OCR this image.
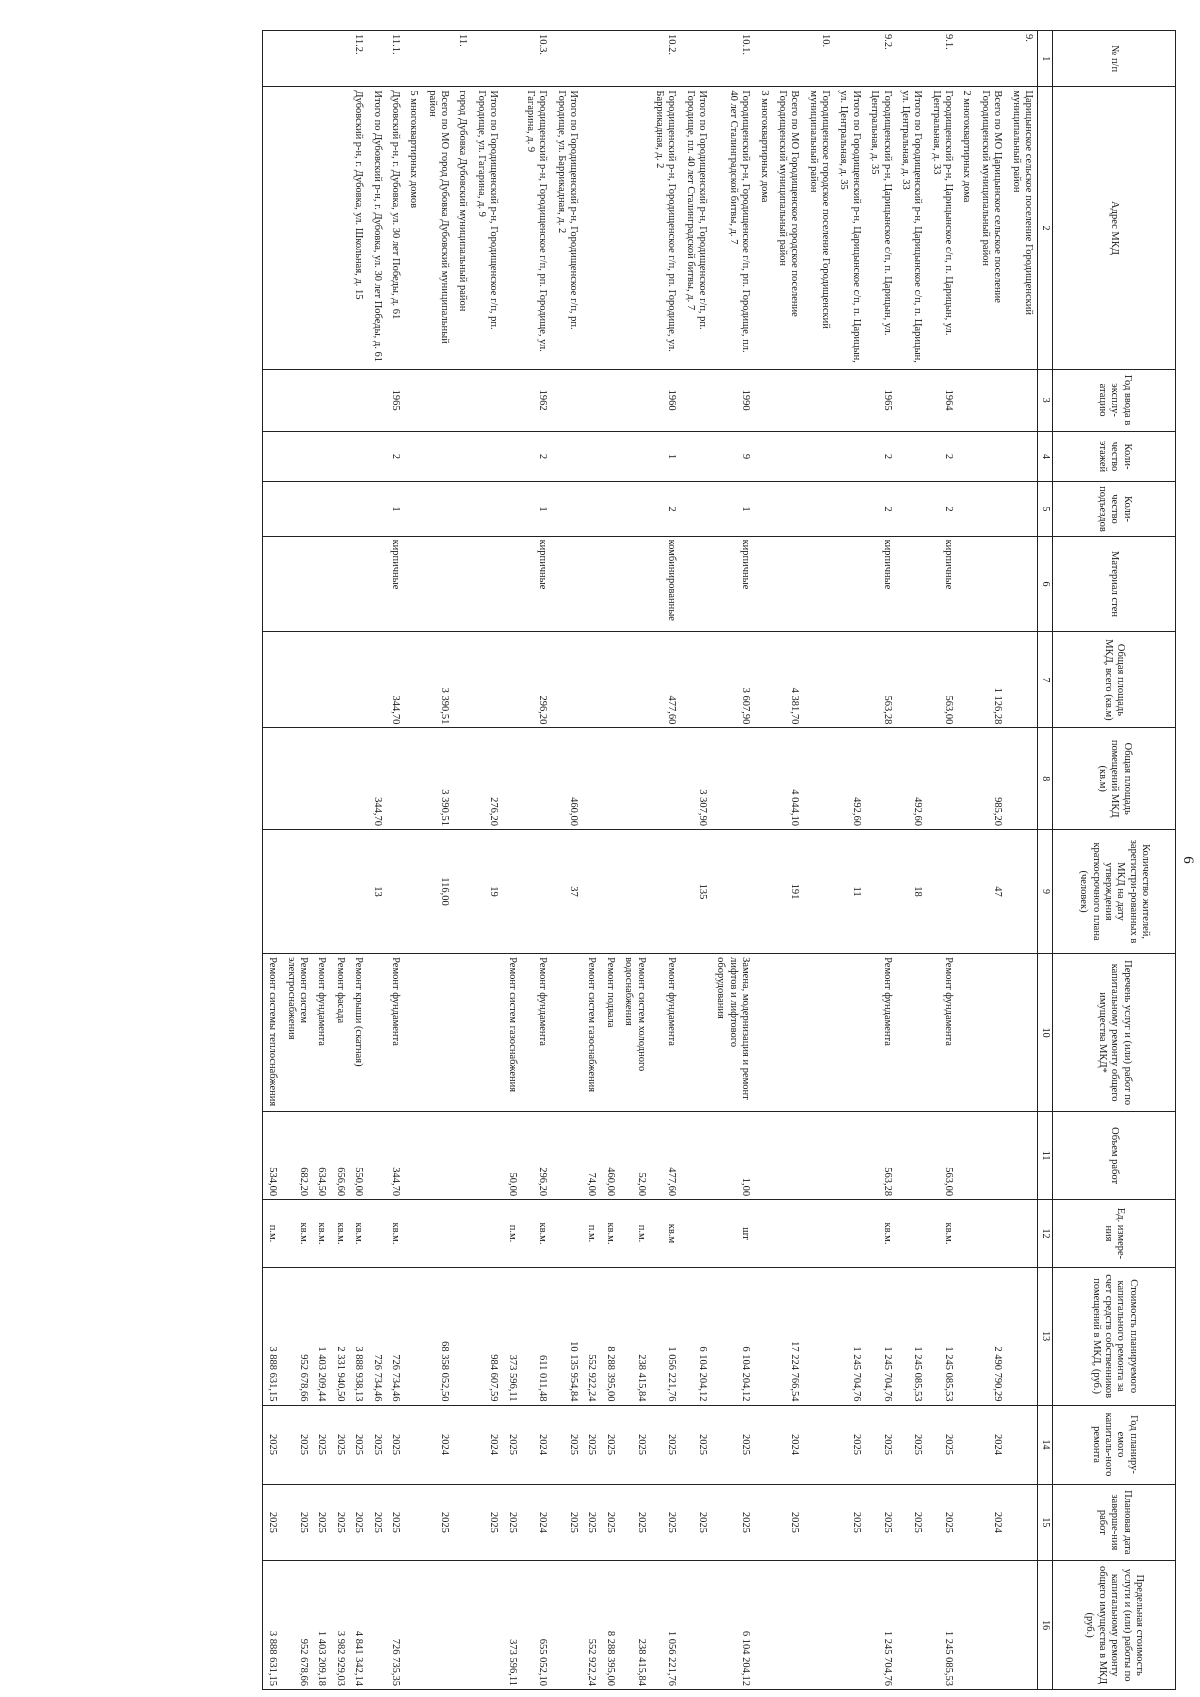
6
№ п/п	Адрес МКД	Год ввода в эксплу-атацию	Коли-чество этажей	Коли-чество подъездов	Материал стен	Общая площадь МКД, всего (кв.м)	Общая площадь помещений МКД (кв.м)	Количество жителей, зарегистри-рованных в МКД на дату утверждения краткосрочного плана (человек)	Перечень услуг и (или) работ по капитальному ремонту общего имущества МКД*	Объем работ	Ед. измере-ния	Стоимость планируемого капитального ремонта за счет средств собственников помещений в МКД, (руб.)	Год планиру-емого капиталь-ного ремонта	Плановая дата заверше-ния работ	Предельная стоимость услуги и (или) работы по капитальному ремонту общего имущества в МКД (руб.)
1	2	3	4	5	6	7	8	9	10	11	12	13	14	15	16
9.	Царицынское сельское поселение Городищенский муниципальный район														
	Всего по МО Царицынское сельское поселение Городищенский муниципальный район					1 126,28	985,20	47				2 490 790,29	2024	2024	
	2 многоквартирных дома														
9.1.	Городищенский р-н, Царицынское с/п, п. Царицын, ул. Центральная, д. 33	1964	2	2	кирпичные	563,00			Ремонт фундамента	563,00	кв.м.	1 245 085,53	2025	2025	1 245 085,53
	Итого по Городищенский р-н, Царицынское с/п, п. Царицын, ул. Центральная, д. 33						492,60	18				1 245 085,53	2025	2025	
9.2.	Городищенский р-н, Царицынское с/п, п. Царицын, ул. Центральная, д. 35	1965	2	2	кирпичные	563,28			Ремонт фундамента	563,28	кв.м.	1 245 704,76	2025	2025	1 245 704,76
	Итого по Городищенский р-н, Царицынское с/п, п. Царицын, ул. Центральная, д. 35						492,60	11				1 245 704,76	2025	2025	
10.	Городищенское городское поселение Городищенский муниципальный район														
	Всего по МО Городищенское городское поселение Городищенский муниципальный район					4 381,70	4 044,10	191				17 224 766,54	2024	2025	
	3 многоквартирных дома														
10.1.	Городищенский р-н, Городищенское г/п, рп. Городище, пл. 40 лет Сталинградской битвы, д. 7	1990	9	1	кирпичные	3 607,90			Замена, модернизация и ремонт лифтов и лифтового оборудования	1,00	шт	6 104 204,12	2025	2025	6 104 204,12
	Итого по Городищенский р-н, Городищенское г/п, рп. Городище, пл. 40 лет Сталинградской битвы, д. 7						3 307,90	135				6 104 204,12	2025	2025	
10.2.	Городищенский р-н, Городищенское г/п, рп. Городище, ул. Баррикадная, д. 2	1960	1	2	комбинированные	477,60			Ремонт фундамента	477,60	кв.м	1 056 221,76	2025	2025	1 056 221,76
									Ремонт систем холодного водоснабжения	52,00	п.м.	238 415,84	2025	2025	238 415,84
									Ремонт подвала	460,00	кв.м.	8 288 395,00	2025	2025	8 288 395,00
									Ремонт систем газоснабжения	74,00	п.м.	552 922,24	2025	2025	552 922,24
	Итого по Городищенский р-н, Городищенское г/п, рп. Городище, ул. Баррикадная, д. 2						460,00	37				10 135 954,84	2025	2025	
10.3.	Городищенский р-н, Городищенское г/п, рп. Городище, ул. Гагарина, д. 9	1962	2	1	кирпичные	296,20			Ремонт фундамента	296,20	кв.м.	611 011,48	2024	2024	655 052,10
									Ремонт систем газоснабжения	50,00	п.м.	373 596,11	2025	2025	373 596,11
	Итого по Городищенский р-н, Городищенское г/п, рп. Городище, ул. Гагарина, д. 9						276,20	19				984 607,59	2024	2025	
11.	город Дубовка Дубовский муниципальный район														
	Всего по МО город Дубовка Дубовский муниципальный район					3 390,51	3 390,51	116,00				68 358 052,50	2024	2025	
	5 многоквартирных домов														
11.1.	Дубовский р-н, г. Дубовка, ул. 30 лет Победы, д. 61	1965	2	1	кирпичные	344,70			Ремонт фундамента	344,70	кв.м.	726 734,46	2025	2025	726 735,35
	Итого по Дубовский р-н, г. Дубовка, ул. 30 лет Победы, д. 61						344,70	13				726 734,46	2025	2025	
11.2.	Дубовский р-н, г. Дубовка, ул. Школьная, д. 15								Ремонт крыши (скатная)	550,00	кв.м.	3 888 938,13	2025	2025	4 841 342,14
									Ремонт фасада	656,60	кв.м.	2 331 940,50	2025	2025	3 982 929,03
									Ремонт фундамента	634,50	кв.м.	1 403 209,44	2025	2025	1 403 209,18
									Ремонт систем электроснабжения	682,20	кв.м.	952 678,66	2025	2025	952 678,66
									Ремонт системы теплоснабжения	534,00	п.м.	3 888 631,15	2025	2025	3 888 631,15
